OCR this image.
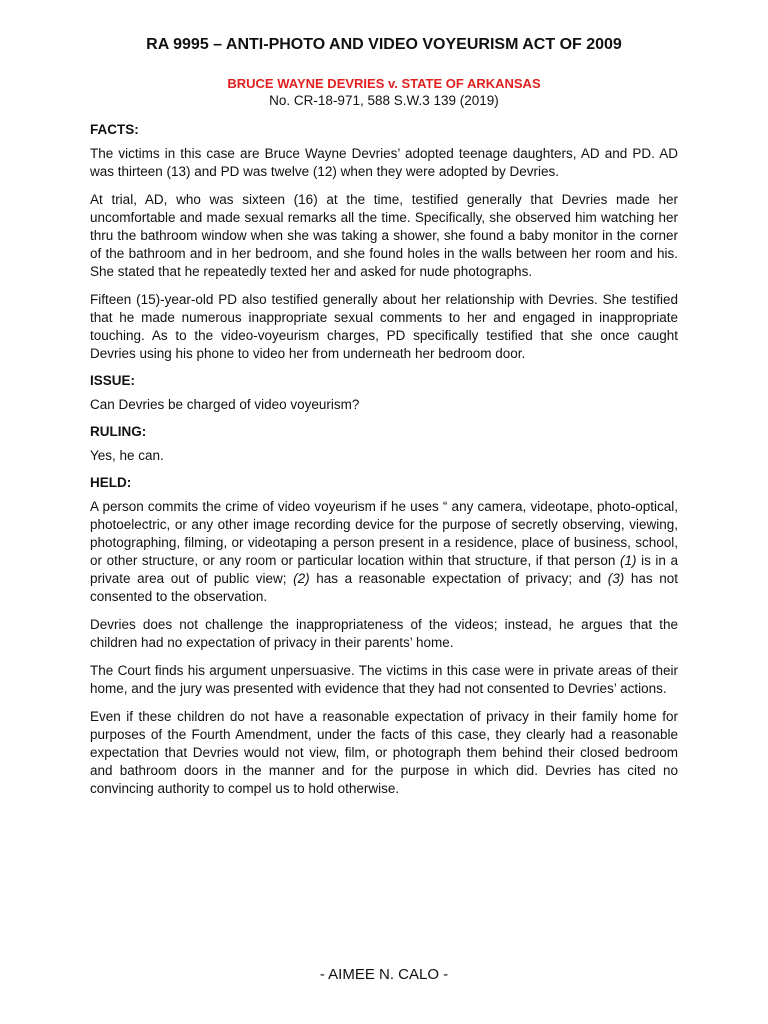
RA 9995 – ANTI-PHOTO AND VIDEO VOYEURISM ACT OF 2009
BRUCE WAYNE DEVRIES v. STATE OF ARKANSAS
No. CR-18-971, 588 S.W.3 139 (2019)
FACTS:

The victims in this case are Bruce Wayne Devries’ adopted teenage daughters, AD and PD. AD was thirteen (13) and PD was twelve (12) when they were adopted by Devries.

At trial, AD, who was sixteen (16) at the time, testified generally that Devries made her uncomfortable and made sexual remarks all the time. Specifically, she observed him watching her thru the bathroom window when she was taking a shower, she found a baby monitor in the corner of the bathroom and in her bedroom, and she found holes in the walls between her room and his. She stated that he repeatedly texted her and asked for nude photographs.

Fifteen (15)-year-old PD also testified generally about her relationship with Devries. She testified that he made numerous inappropriate sexual comments to her and engaged in inappropriate touching. As to the video-voyeurism charges, PD specifically testified that she once caught Devries using his phone to video her from underneath her bedroom door.

ISSUE:

Can Devries be charged of video voyeurism?

RULING:

Yes, he can.

HELD:

A person commits the crime of video voyeurism if he uses “ any camera, videotape, photo-optical, photoelectric, or any other image recording device for the purpose of secretly observing, viewing, photographing, filming, or videotaping a person present in a residence, place of business, school, or other structure, or any room or particular location within that structure, if that person (1) is in a private area out of public view; (2) has a reasonable expectation of privacy; and (3) has not consented to the observation.

Devries does not challenge the inappropriateness of the videos; instead, he argues that the children had no expectation of privacy in their parents’ home.

The Court finds his argument unpersuasive. The victims in this case were in private areas of their home, and the jury was presented with evidence that they had not consented to Devries’ actions.

Even if these children do not have a reasonable expectation of privacy in their family home for purposes of the Fourth Amendment, under the facts of this case, they clearly had a reasonable expectation that Devries would not view, film, or photograph them behind their closed bedroom and bathroom doors in the manner and for the purpose in which did. Devries has cited no convincing authority to compel us to hold otherwise.

- AIMEE N. CALO -
